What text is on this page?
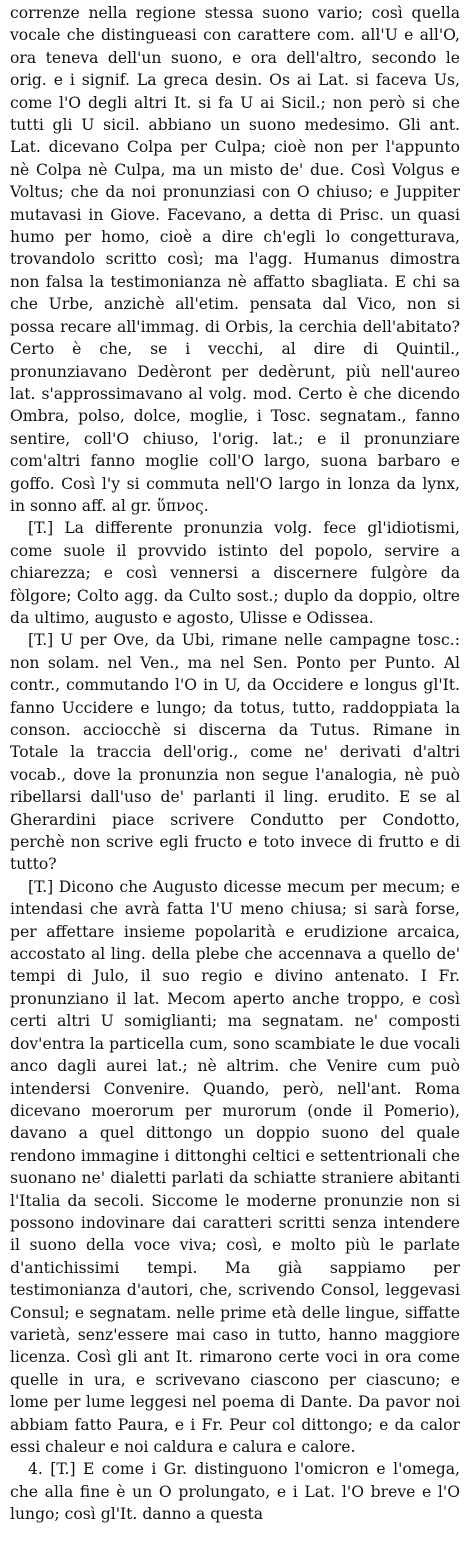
correnze nella regione stessa suono vario; così quella vocale che distingueasi con carattere com. all'U e all'O, ora teneva dell'un suono, e ora dell'altro, secondo le orig. e i signif. La greca desin. Os ai Lat. si faceva Us, come l'O degli altri It. si fa U ai Sicil.; non però si che tutti gli U sicil. abbiano un suono medesimo. Gli ant. Lat. dicevano Colpa per Culpa; cioè non per l'appunto nè Colpa nè Culpa, ma un misto de' due. Così Volgus e Voltus; che da noi pronunziasi con O chiuso; e Juppiter mutavasi in Giove. Facevano, a detta di Prisc. un quasi humo per homo, cioè a dire ch'egli lo congetturava, trovandolo scritto così; ma l'agg. Humanus dimostra non falsa la testimonianza nè affatto sbagliata. E chi sa che Urbe, anzichè all'etim. pensata dal Vico, non si possa recare all'immag. di Orbis, la cerchia dell'abitato? Certo è che, se i vecchi, al dire di Quintil., pronunziavano Dedèront per dedèrunt, più nell'aureo lat. s'approssimavano al volg. mod. Certo è che dicendo Ombra, polso, dolce, moglie, i Tosc. segnatam., fanno sentire, coll'O chiuso, l'orig. lat.; e il pronunziare com'altri fanno moglie coll'O largo, suona barbaro e goffo. Così l'y si commuta nell'O largo in lonza da lynx, in sonno aff. al gr. ὕπνος.

[T.] La differente pronunzia volg. fece gl'idiotismi, come suole il provvido istinto del popolo, servire a chiarezza; e così vennersi a discernere fulgòre da fòlgore; Colto agg. da Culto sost.; duplo da doppio, oltre da ultimo, augusto e agosto, Ulisse e Odissea.

[T.] U per Ove, da Ubi, rimane nelle campagne tosc.: non solam. nel Ven., ma nel Sen. Ponto per Punto. Al contr., commutando l'O in U, da Occidere e longus gl'It. fanno Uccidere e lungo; da totus, tutto, raddoppiata la conson. acciocchè si discerna da Tutus. Rimane in Totale la traccia dell'orig., come ne' derivati d'altri vocab., dove la pronunzia non segue l'analogia, nè può ribellarsi dall'uso de' parlanti il ling. erudito. E se al Gherardini piace scrivere Condutto per Condotto, perchè non scrive egli fructo e toto invece di frutto e di tutto?

[T.] Dicono che Augusto dicesse mecum per mecum; e intendasi che avrà fatta l'U meno chiusa; si sarà forse, per affettare insieme popolarità e erudizione arcaica, accostato al ling. della plebe che accennava a quello de' tempi di Julo, il suo regio e divino antenato. I Fr. pronunziano il lat. Mecom aperto anche troppo, e così certi altri U somiglianti; ma segnatam. ne' composti dov'entra la particella cum, sono scambiate le due vocali anco dagli aurei lat.; nè altrim. che Venire cum può intendersi Convenire. Quando, però, nell'ant. Roma dicevano moerorum per murorum (onde il Pomerio), davano a quel dittongo un doppio suono del quale rendono immagine i dittonghi celtici e settentrionali che suonano ne' dialetti parlati da schiatte straniere abitanti l'Italia da secoli. Siccome le moderne pronunzie non si possono indovinare dai caratteri scritti senza intendere il suono della voce viva; così, e molto più le parlate d'antichissimi tempi. Ma già sappiamo per testimonianza d'autori, che, scrivendo Consol, leggevasi Consul; e segnatam. nelle prime età delle lingue, siffatte varietà, senz'essere mai caso in tutto, hanno maggiore licenza. Così gli ant It. rimarono certe voci in ora come quelle in ura, e scrivevano ciascono per ciascuno; e lome per lume leggesi nel poema di Dante. Da pavor noi abbiam fatto Paura, e i Fr. Peur col dittongo; e da calor essi chaleur e noi caldura e calura e calore.

4. [T.] E come i Gr. distinguono l'omicron e l'omega, che alla fine è un O prolungato, e i Lat. l'O breve e l'O lungo; così gl'It. danno a questa
